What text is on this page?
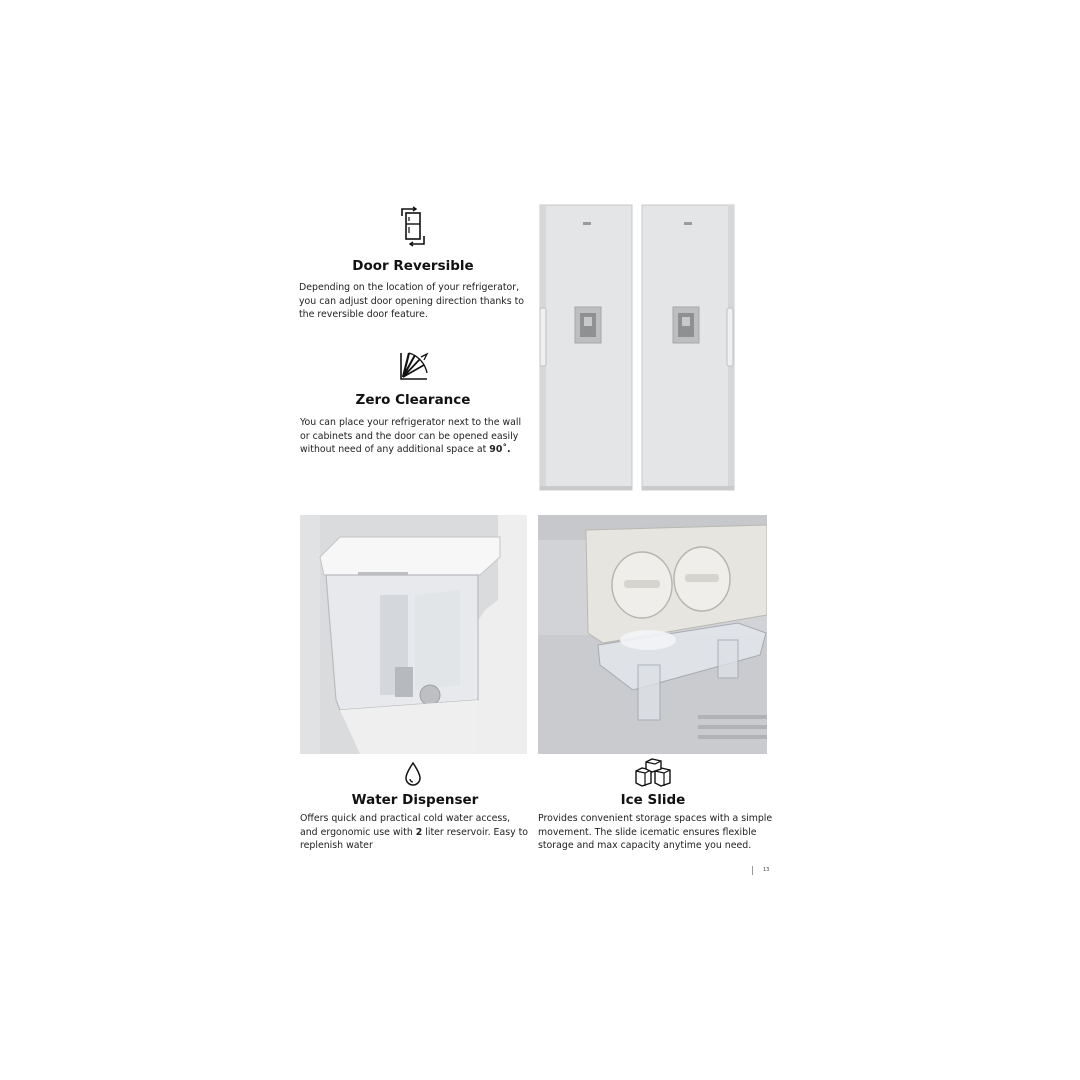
Door Reversible
Depending on the location of your refrigerator, you can adjust door opening direction thanks to the reversible door feature.
Zero Clearance
You can place your refrigerator next to the wall or cabinets and the door can be opened easily without need of any additional space at 90˚.
Water Dispenser
Offers quick and practical cold water access, and ergonomic use with 2 liter reservoir. Easy to replenish water
Ice Slide
Provides convenient storage spaces with a simple movement. The slide icematic ensures flexible storage and max capacity anytime you need.
13
